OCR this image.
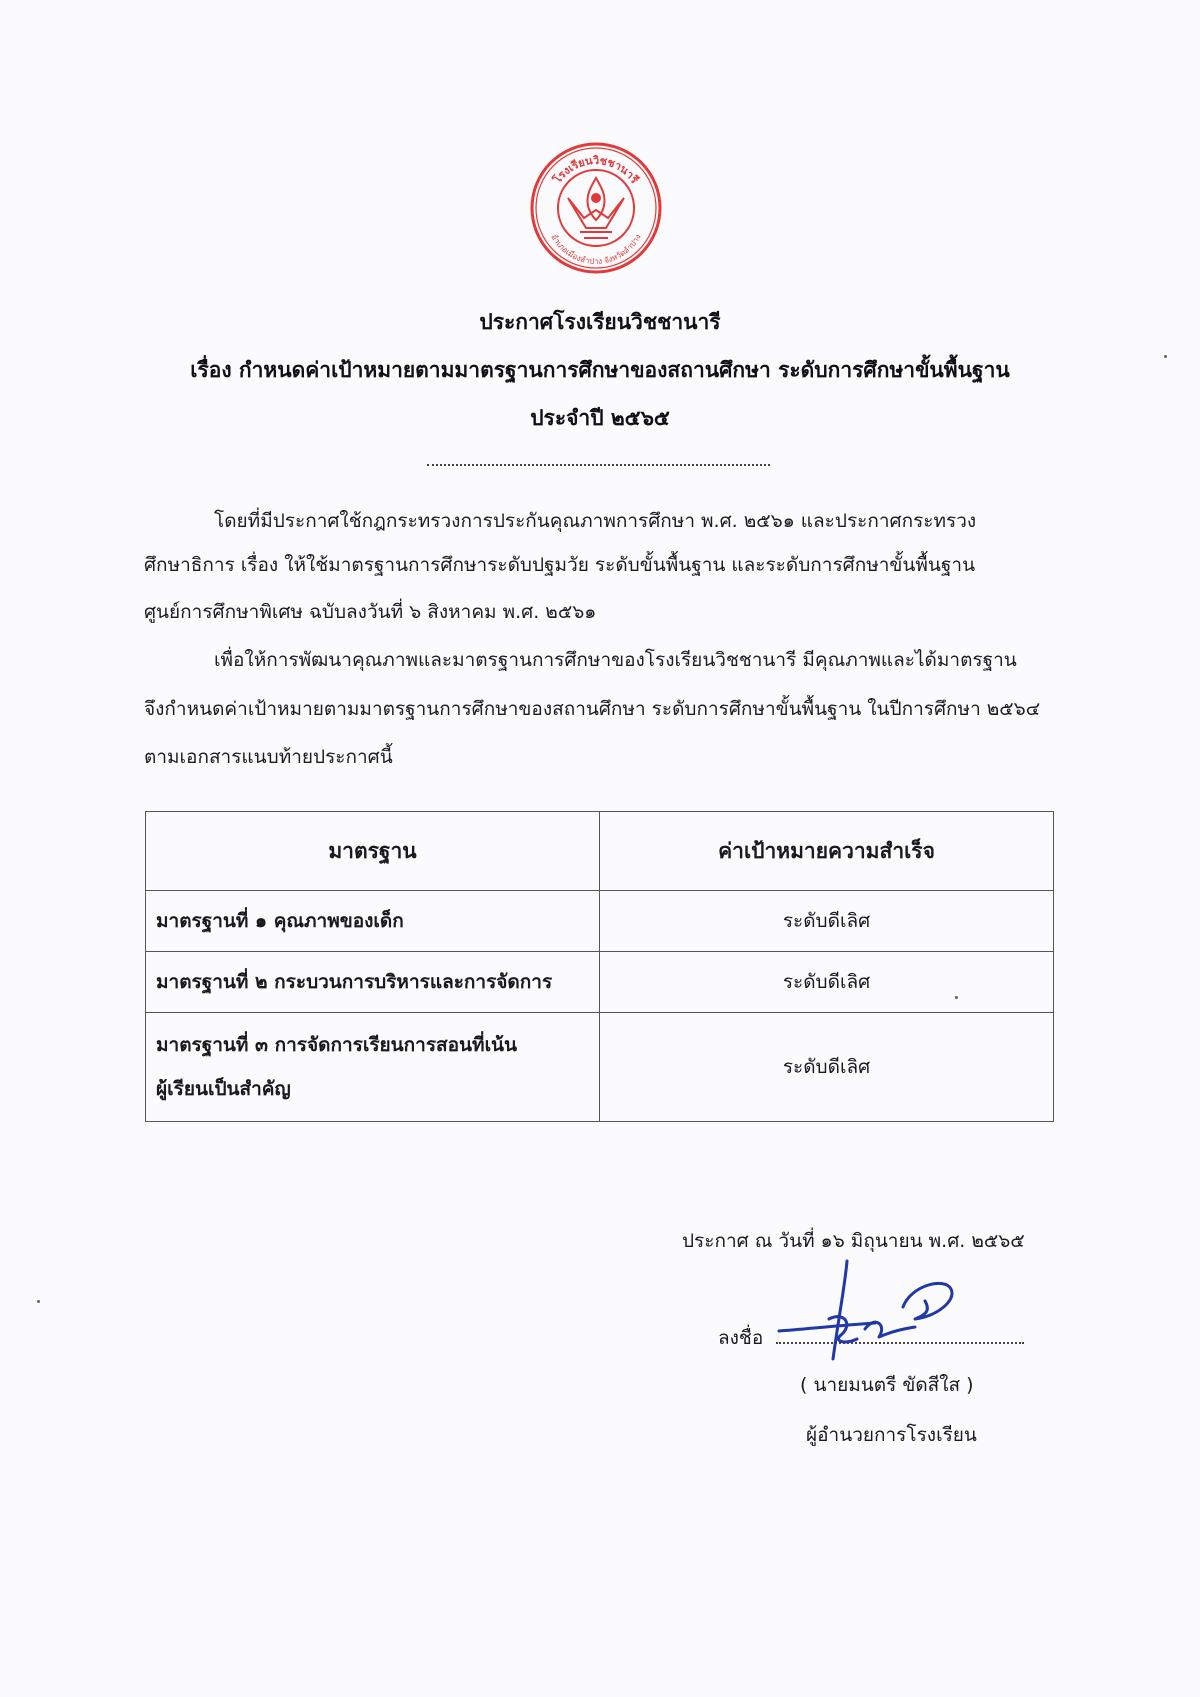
โรงเรียนวิชชานารี
อำเภอเมืองลำปาง จังหวัดลำปาง
ประกาศโรงเรียนวิชชานารี
เรื่อง กำหนดค่าเป้าหมายตามมาตรฐานการศึกษาของสถานศึกษา ระดับการศึกษาขั้นพื้นฐาน
ประจำปี ๒๕๖๕
โดยที่มีประกาศใช้กฎกระทรวงการประกันคุณภาพการศึกษา พ.ศ. ๒๕๖๑ และประกาศกระทรวง
ศึกษาธิการ เรื่อง ให้ใช้มาตรฐานการศึกษาระดับปฐมวัย ระดับขั้นพื้นฐาน และระดับการศึกษาขั้นพื้นฐาน
ศูนย์การศึกษาพิเศษ ฉบับลงวันที่ ๖ สิงหาคม พ.ศ. ๒๕๖๑
เพื่อให้การพัฒนาคุณภาพและมาตรฐานการศึกษาของโรงเรียนวิชชานารี มีคุณภาพและได้มาตรฐาน
จึงกำหนดค่าเป้าหมายตามมาตรฐานการศึกษาของสถานศึกษา ระดับการศึกษาขั้นพื้นฐาน ในปีการศึกษา ๒๕๖๔
ตามเอกสารแนบท้ายประกาศนี้
มาตรฐาน	ค่าเป้าหมายความสำเร็จ
มาตรฐานที่ ๑ คุณภาพของเด็ก	ระดับดีเลิศ
มาตรฐานที่ ๒ กระบวนการบริหารและการจัดการ	ระดับดีเลิศ

มาตรฐานที่ ๓ การจัดการเรียนการสอนที่เน้น
ผู้เรียนเป็นสำคัญ	ระดับดีเลิศ
ประกาศ ณ วันที่ ๑๖ มิถุนายน พ.ศ. ๒๕๖๕
ลงชื่อ
( นายมนตรี ขัดสีใส )
ผู้อำนวยการโรงเรียน
